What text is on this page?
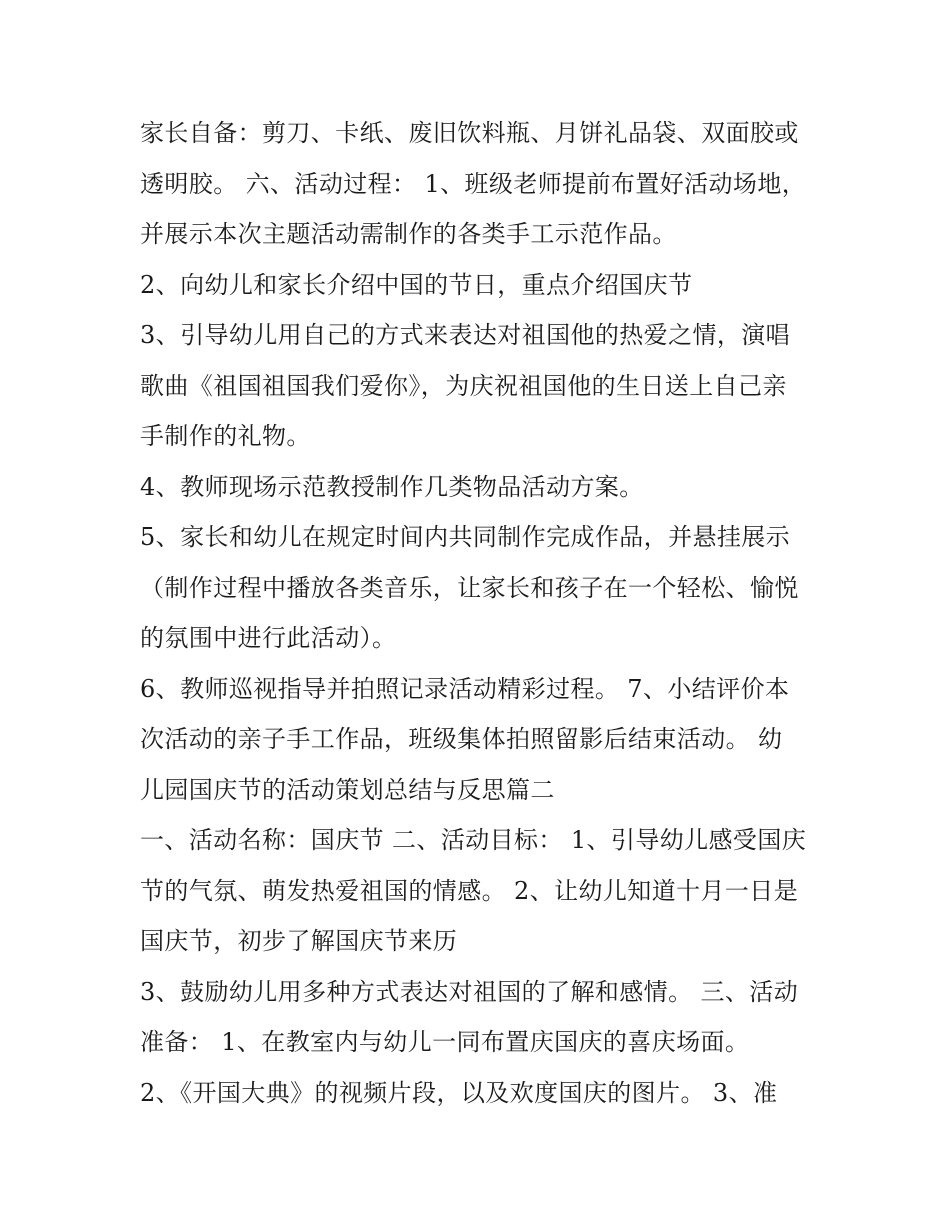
家长自备：剪刀、卡纸、废旧饮料瓶、月饼礼品袋、双面胶或
透明胶。 六、活动过程： 1、班级老师提前布置好活动场地，
并展示本次主题活动需制作的各类手工示范作品。
2、向幼儿和家长介绍中国的节日，重点介绍国庆节
3、引导幼儿用自己的方式来表达对祖国他的热爱之情，演唱
歌曲《祖国祖国我们爱你》，为庆祝祖国他的生日送上自己亲
手制作的礼物。
4、教师现场示范教授制作几类物品活动方案。
5、家长和幼儿在规定时间内共同制作完成作品，并悬挂展示
（制作过程中播放各类音乐，让家长和孩子在一个轻松、愉悦
的氛围中进行此活动）。
6、教师巡视指导并拍照记录活动精彩过程。 7、小结评价本
次活动的亲子手工作品，班级集体拍照留影后结束活动。 幼
儿园国庆节的活动策划总结与反思篇二
一、活动名称：国庆节 二、活动目标： 1、引导幼儿感受国庆
节的气氛、萌发热爱祖国的情感。 2、让幼儿知道十月一日是
国庆节，初步了解国庆节来历
3、鼓励幼儿用多种方式表达对祖国的了解和感情。 三、活动
准备： 1、在教室内与幼儿一同布置庆国庆的喜庆场面。
2、《开国大典》的视频片段，以及欢度国庆的图片。 3、准
